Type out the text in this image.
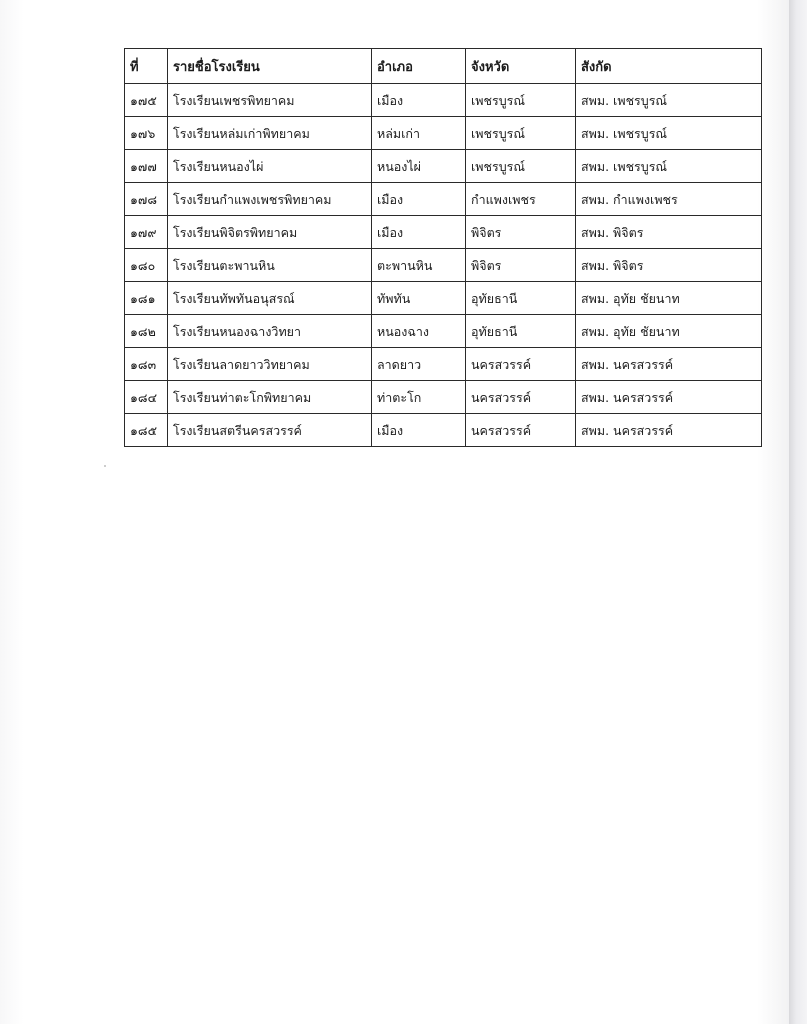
ที่	รายชื่อโรงเรียน	อำเภอ	จังหวัด	สังกัด
๑๗๕	โรงเรียนเพชรพิทยาคม	เมือง	เพชรบูรณ์	สพม. เพชรบูรณ์
๑๗๖	โรงเรียนหล่มเก่าพิทยาคม	หล่มเก่า	เพชรบูรณ์	สพม. เพชรบูรณ์
๑๗๗	โรงเรียนหนองไผ่	หนองไผ่	เพชรบูรณ์	สพม. เพชรบูรณ์
๑๗๘	โรงเรียนกำแพงเพชรพิทยาคม	เมือง	กำแพงเพชร	สพม. กำแพงเพชร
๑๗๙	โรงเรียนพิจิตรพิทยาคม	เมือง	พิจิตร	สพม. พิจิตร
๑๘๐	โรงเรียนตะพานหิน	ตะพานหิน	พิจิตร	สพม. พิจิตร
๑๘๑	โรงเรียนทัพทันอนุสรณ์	ทัพทัน	อุทัยธานี	สพม. อุทัย ชัยนาท
๑๘๒	โรงเรียนหนองฉางวิทยา	หนองฉาง	อุทัยธานี	สพม. อุทัย ชัยนาท
๑๘๓	โรงเรียนลาดยาววิทยาคม	ลาดยาว	นครสวรรค์	สพม. นครสวรรค์
๑๘๔	โรงเรียนท่าตะโกพิทยาคม	ท่าตะโก	นครสวรรค์	สพม. นครสวรรค์
๑๘๕	โรงเรียนสตรีนครสวรรค์	เมือง	นครสวรรค์	สพม. นครสวรรค์
